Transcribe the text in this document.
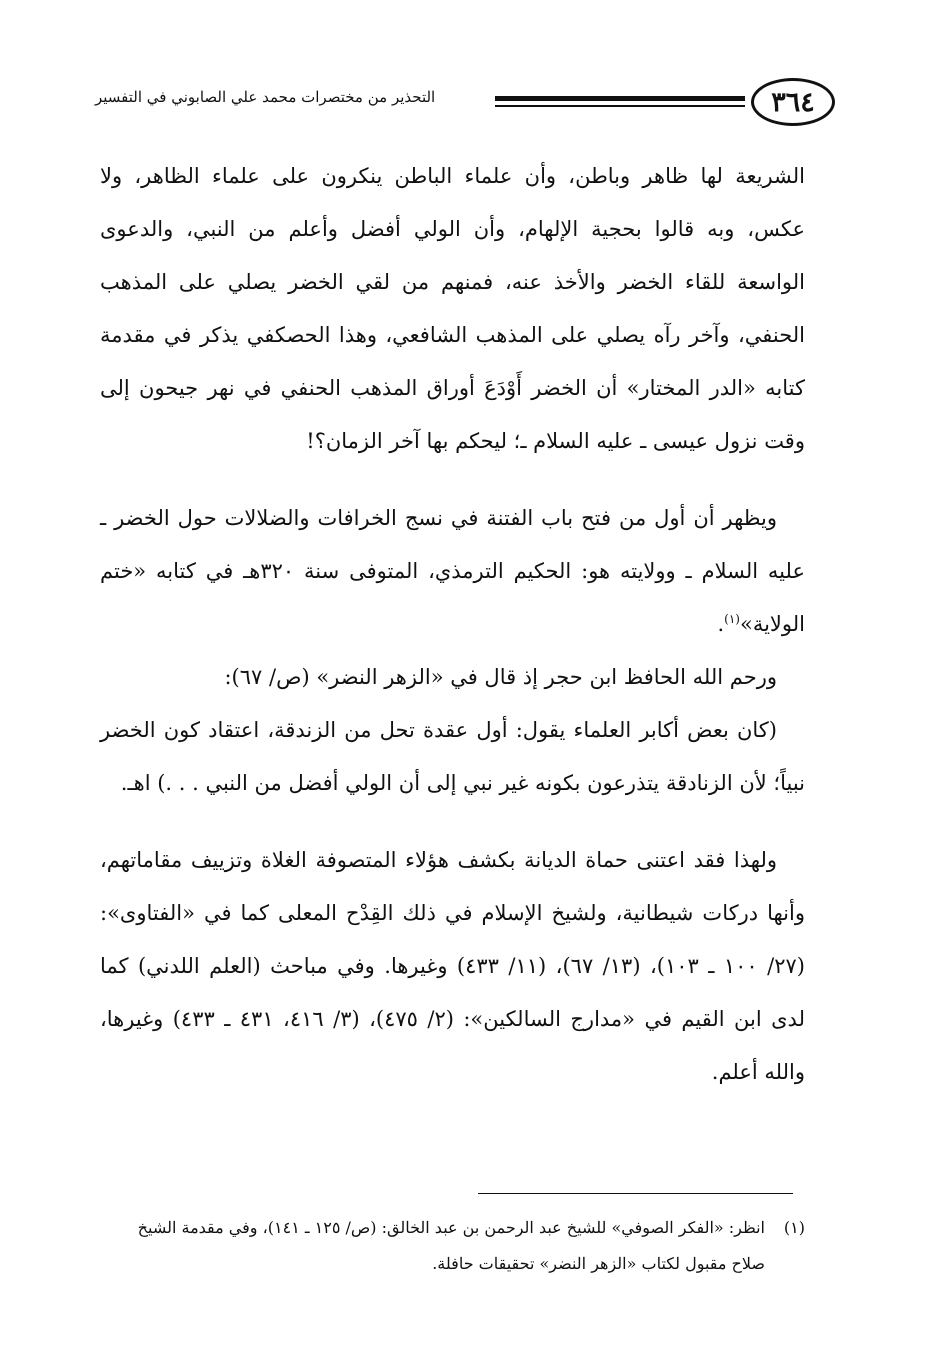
٣٦٤
التحذير من مختصرات محمد علي الصابوني في التفسير

الشريعة لها ظاهر وباطن، وأن علماء الباطن ينكرون على علماء الظاهر، ولا عكس، وبه قالوا بحجية الإلهام، وأن الولي أفضل وأعلم من النبي، والدعوى الواسعة للقاء الخضر والأخذ عنه، فمنهم من لقي الخضر يصلي على المذهب الحنفي، وآخر رآه يصلي على المذهب الشافعي، وهذا الحصكفي يذكر في مقدمة كتابه «الدر المختار» أن الخضر أَوْدَعَ أوراق المذهب الحنفي في نهر جيحون إلى وقت نزول عيسى ـ عليه السلام ـ؛ ليحكم بها آخر الزمان؟!

ويظهر أن أول من فتح باب الفتنة في نسج الخرافات والضلالات حول الخضر ـ عليه السلام ـ وولايته هو: الحكيم الترمذي، المتوفى سنة ٣٢٠هـ في كتابه «ختم الولاية»$^{(١)}$.

ورحم الله الحافظ ابن حجر إذ قال في «الزهر النضر» (ص/ ٦٧):

(كان بعض أكابر العلماء يقول: أول عقدة تحل من الزندقة، اعتقاد كون الخضر نبياً؛ لأن الزنادقة يتذرعون بكونه غير نبي إلى أن الولي أفضل من النبي . . .) اهـ.

ولهذا فقد اعتنى حماة الديانة بكشف هؤلاء المتصوفة الغلاة وتزييف مقاماتهم، وأنها دركات شيطانية، ولشيخ الإسلام في ذلك القِدْح المعلى كما في «الفتاوى»: (٢٧/ ١٠٠ ـ ١٠٣)، (١٣/ ٦٧)، (١١/ ٤٣٣) وغيرها. وفي مباحث (العلم اللدني) كما لدى ابن القيم في «مدارج السالكين»: (٢/ ٤٧٥)، (٣/ ٤١٦، ٤٣١ ـ ٤٣٣) وغيرها، والله أعلم.

(١)
انظر: «الفكر الصوفي» للشيخ عبد الرحمن بن عبد الخالق: (ص/ ١٢٥ ـ ١٤١)، وفي مقدمة الشيخ صلاح مقبول لكتاب «الزهر النضر» تحقيقات حافلة.
